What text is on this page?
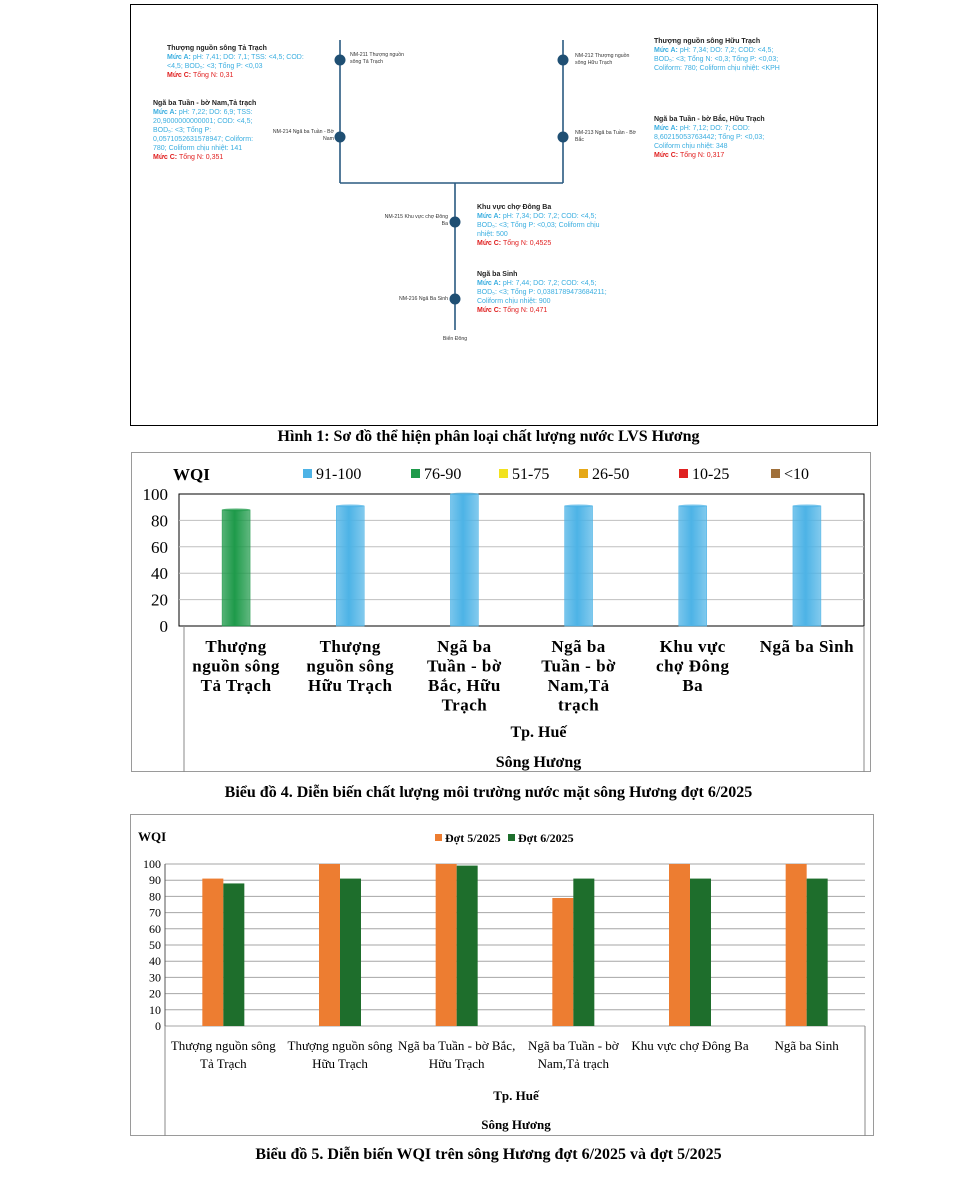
NM-211 Thượng nguồn sông Tả Trạch
NM-214 Ngã ba Tuần - Bờ Nam
NM-212 Thượng nguồn sông Hữu Trạch
NM-213 Ngã ba Tuần - Bờ Bắc
NM-215 Khu vực chợ Đông Ba
NM-216 Ngã Ba Sinh
Biển Đông
Thượng nguồn sông Tả Trạch
Mức A: pH: 7,41; DO: 7,1; TSS: <4,5; COD: <4,5; BOD₅: <3; Tổng P: <0,03
Mức C: Tổng N: 0,31
Ngã ba Tuần - bờ Nam,Tả trạch
Mức A: pH: 7,22; DO: 6,9; TSS: 20,9000000000001; COD: <4,5; BOD₅: <3; Tổng P: 0,0571052631578947; Coliform: 780; Coliform chịu nhiệt: 141
Mức C: Tổng N: 0,351
Thượng nguồn sông Hữu Trạch
Mức A: pH: 7,34; DO: 7,2; COD: <4,5; BOD₅: <3; Tổng N: <0,3; Tổng P: <0,03; Coliform: 780; Coliform chịu nhiệt: <KPH
Ngã ba Tuần - bờ Bắc, Hữu Trạch
Mức A: pH: 7,12; DO: 7; COD: 8,60215053763442; Tổng P: <0,03; Coliform chịu nhiệt: 348
Mức C: Tổng N: 0,317
Khu vực chợ Đông Ba
Mức A: pH: 7,34; DO: 7,2; COD: <4,5; BOD₅: <3; Tổng P: <0,03; Coliform chịu nhiệt: 500
Mức C: Tổng N: 0,4525
Ngã ba Sinh
Mức A: pH: 7,44; DO: 7,2; COD: <4,5; BOD₅: <3; Tổng P: 0,0381789473684211; Coliform chịu nhiệt: 900
Mức C: Tổng N: 0,471
Hình 1: Sơ đồ thể hiện phân loại chất lượng nước LVS Hương
0
20
40
60
80
100
WQI	91-100	76-90	51-75	26-50	10-25	<10
Thượng
nguồn sông
Tả Trạch
Thượng
nguồn sông
Hữu Trạch
Ngã ba
Tuần - bờ
Bắc, Hữu
Trạch
Ngã ba
Tuần - bờ
Nam,Tả
trạch
Khu vực
chợ Đông
Ba
Ngã ba Sình
Tp. Huế
Sông Hương
Biểu đồ 4. Diễn biến chất lượng môi trường nước mặt sông Hương đợt 6/2025
0
10
20
30
40
50
60
70
80
90
100
WQI	Đợt 5/2025 Đợt 6/2025
Thượng nguồn sông
Tả Trạch
Thượng nguồn sông
Hữu Trạch
Ngã ba Tuần - bờ Bắc,
Hữu Trạch
Ngã ba Tuần - bờ
Nam,Tả trạch
Khu vực chợ Đông Ba Ngã ba Sinh
Tp. Huế
Sông Hương
Biểu đồ 5. Diễn biến WQI trên sông Hương đợt 6/2025 và đợt 5/2025
